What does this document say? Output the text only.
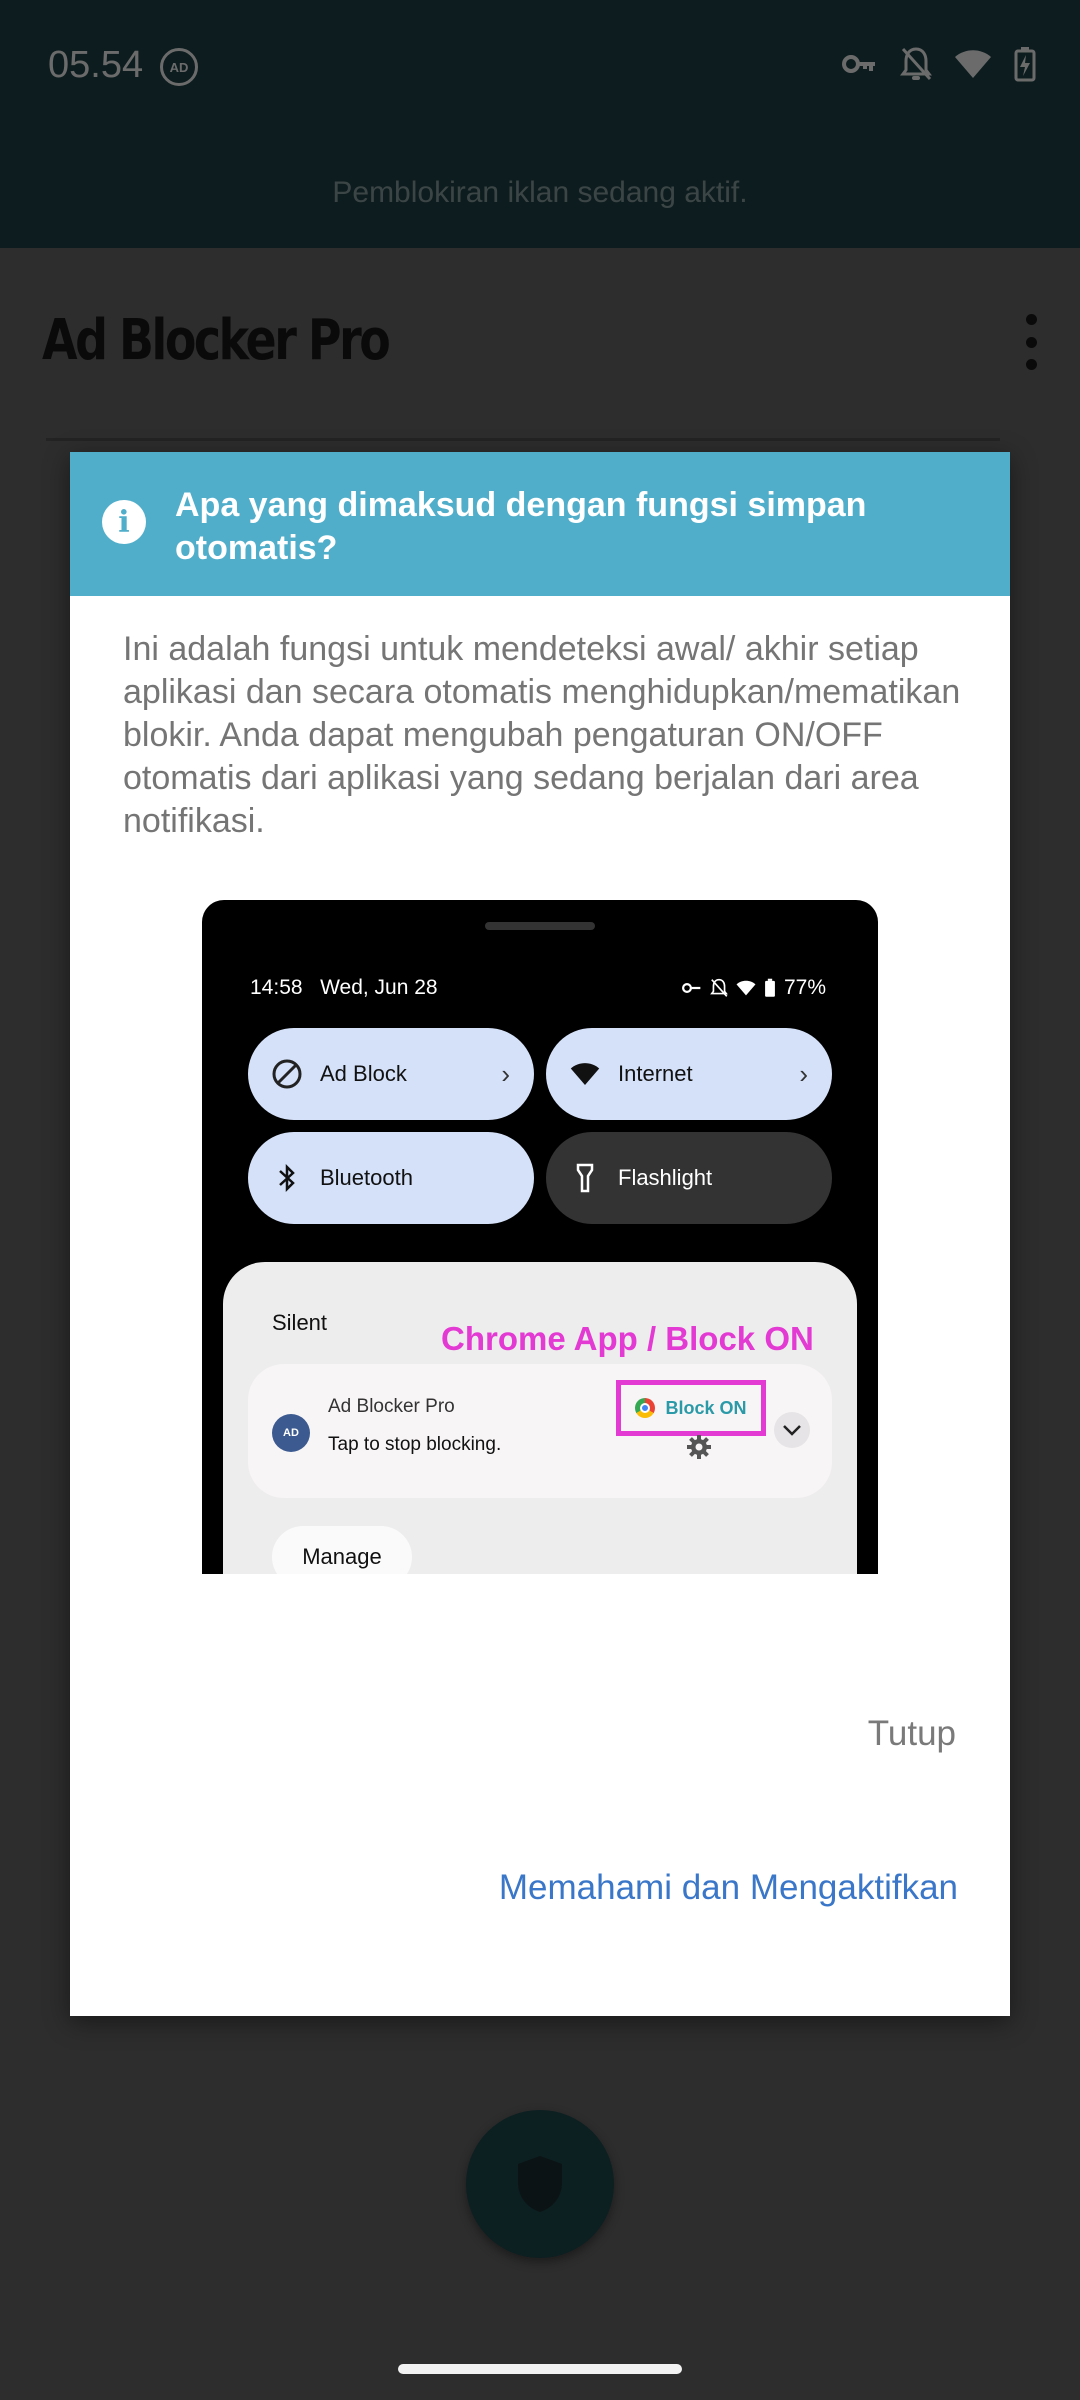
i	Apa yang dimaksud dengan fungsi simpan otomatis?
Ini adalah fungsi untuk mendeteksi awal/ akhir setiap aplikasi dan secara otomatis menghidupkan/mematikan blokir. Anda dapat mengubah pengaturan ON/OFF otomatis dari aplikasi yang sedang berjalan dari area notifikasi.
14:58 Wed, Jun 28	77%
Ad Block	›	Internet	›
Bluetooth	Flashlight
Silent	Chrome App / Block ON
AD
Ad Blocker Pro
Tap to stop blocking.
Block ON
Manage
Tutup
Memahami dan Mengaktifkan
